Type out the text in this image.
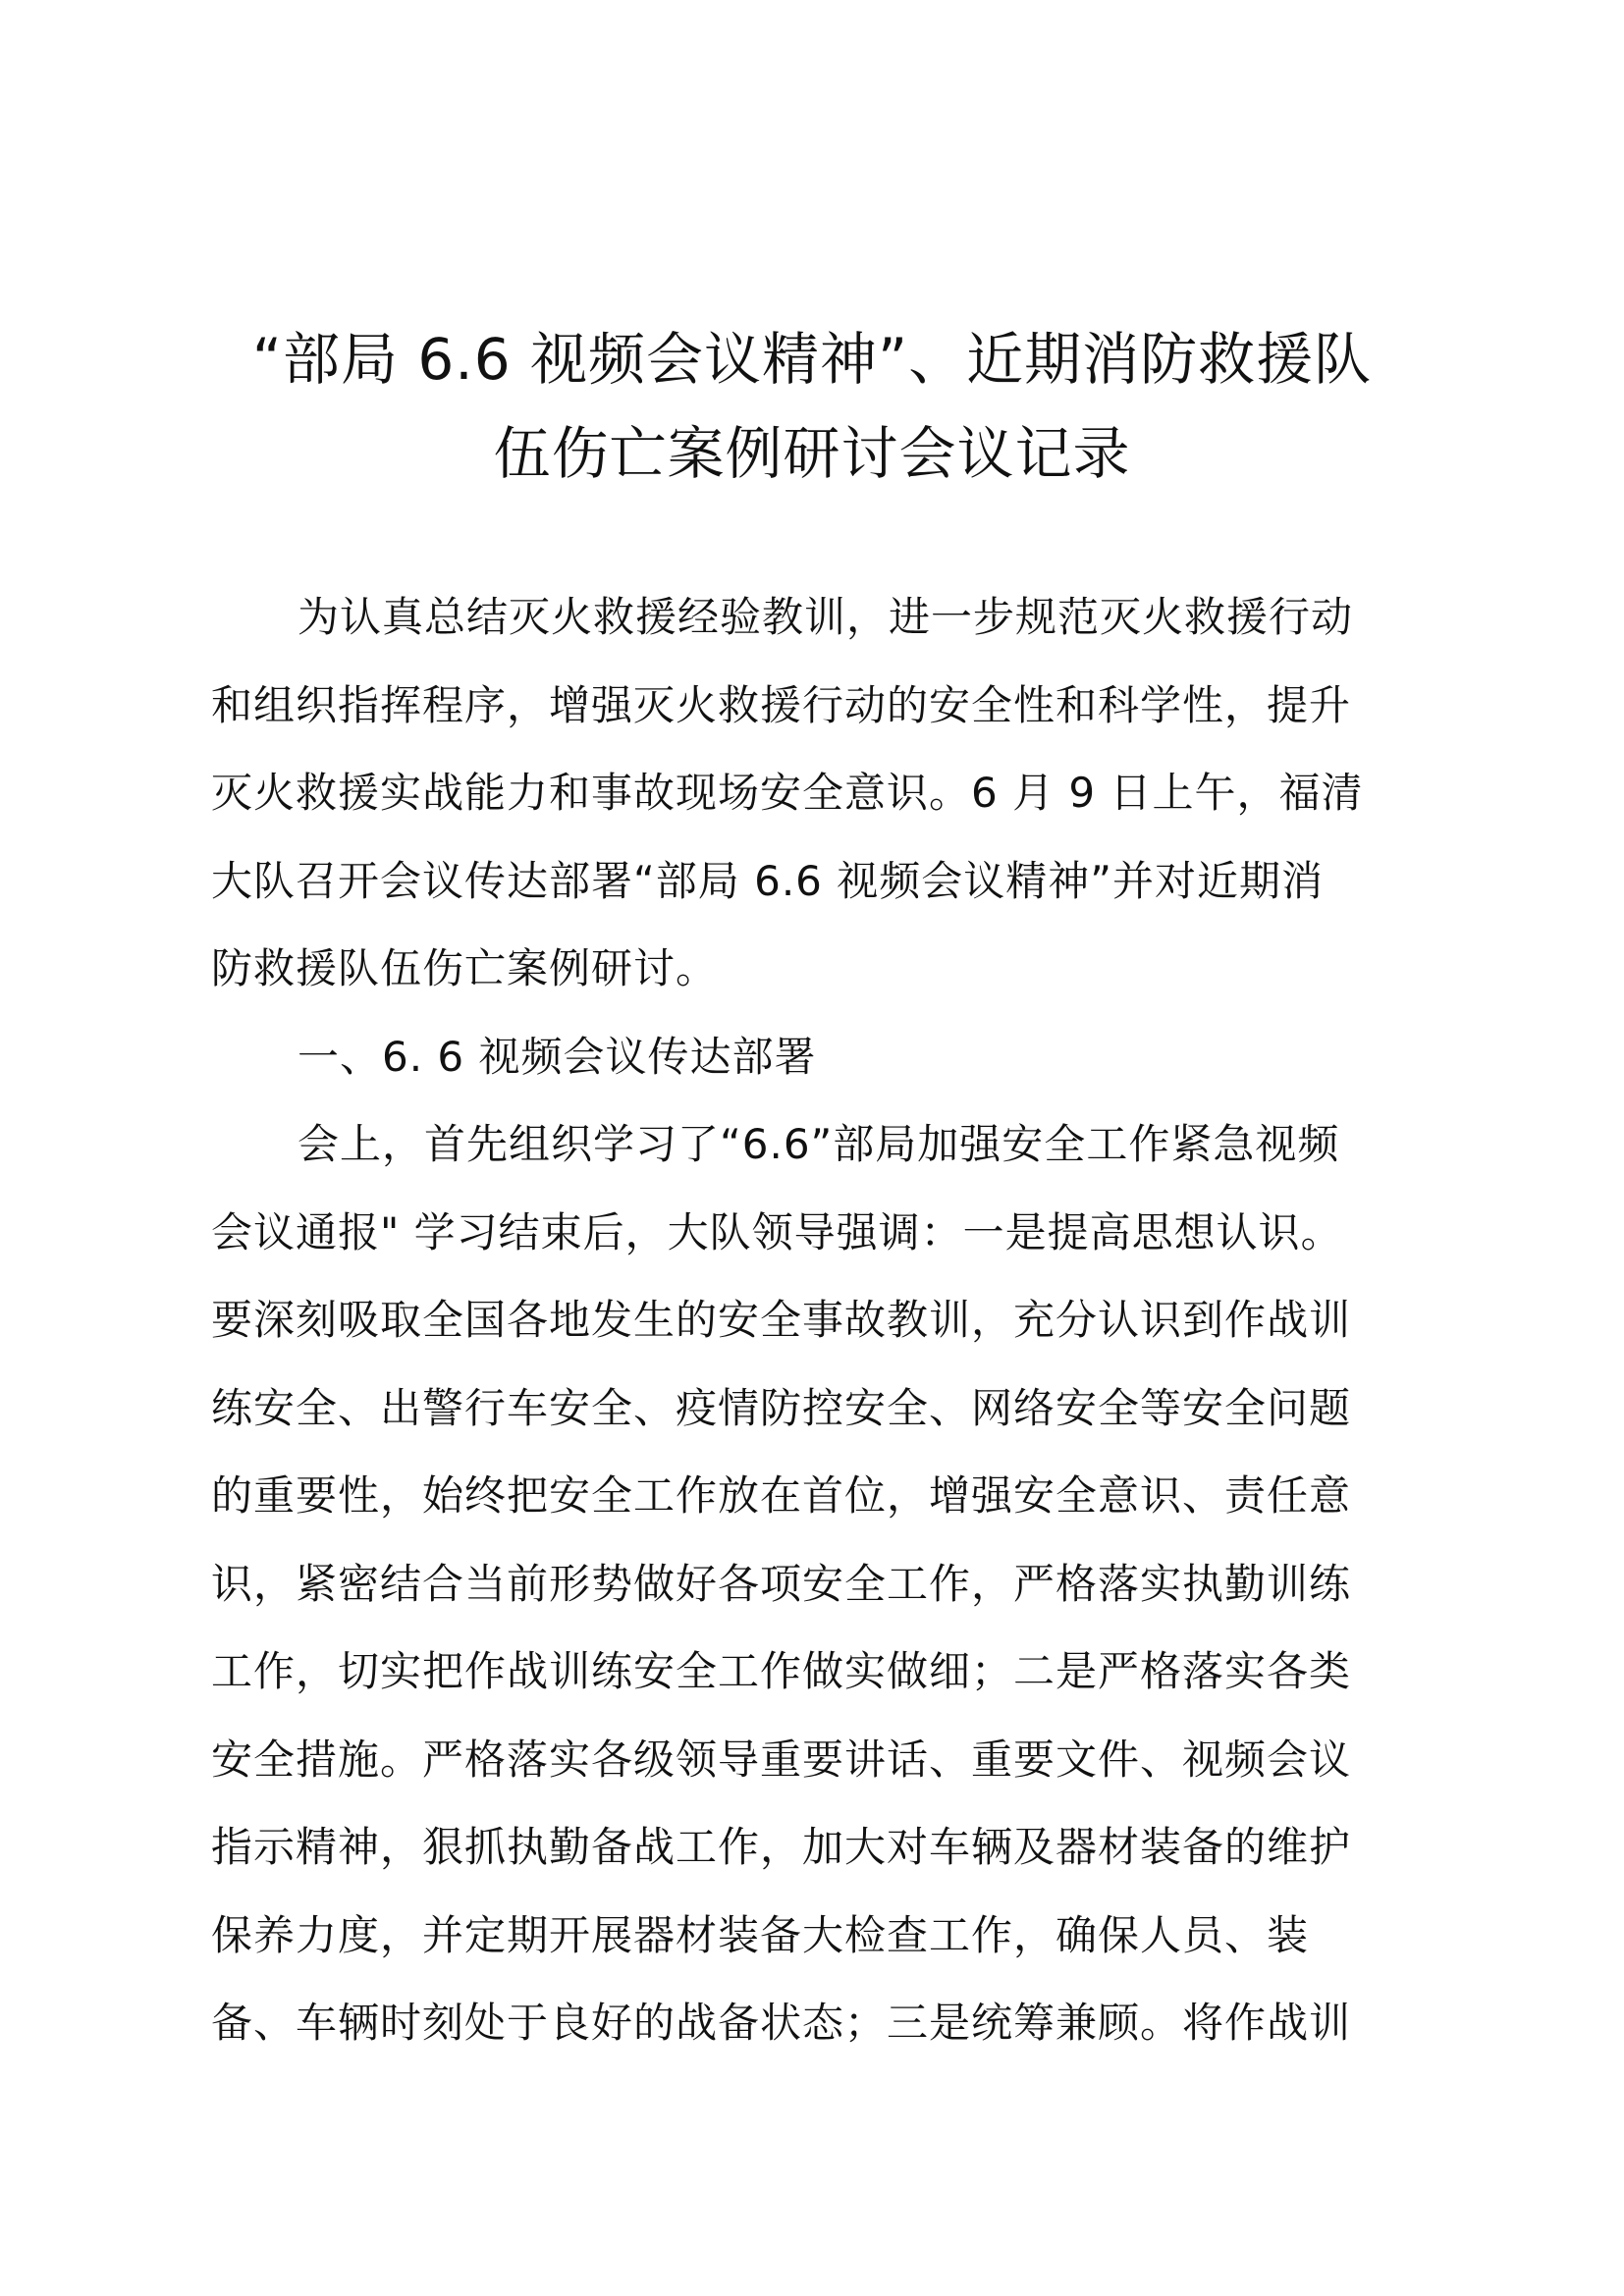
“部局 6.6 视频会议精神”、近期消防救援队
伍伤亡案例研讨会议记录
为认真总结灭火救援经验教训，进一步规范灭火救援行动
和组织指挥程序，增强灭火救援行动的安全性和科学性，提升
灭火救援实战能力和事故现场安全意识。6 月 9 日上午，福清
大队召开会议传达部署“部局 6.6 视频会议精神”并对近期消
防救援队伍伤亡案例研讨。
一、6. 6 视频会议传达部署
会上，首先组织学习了“6.6”部局加强安全工作紧急视频
会议通报" 学习结束后，大队领导强调：一是提高思想认识。
要深刻吸取全国各地发生的安全事故教训，充分认识到作战训
练安全、出警行车安全、疫情防控安全、网络安全等安全问题
的重要性，始终把安全工作放在首位，增强安全意识、责任意
识，紧密结合当前形势做好各项安全工作，严格落实执勤训练
工作，切实把作战训练安全工作做实做细；二是严格落实各类
安全措施。严格落实各级领导重要讲话、重要文件、视频会议
指示精神，狠抓执勤备战工作，加大对车辆及器材装备的维护
保养力度，并定期开展器材装备大检查工作，确保人员、装
备、车辆时刻处于良好的战备状态；三是统筹兼顾。将作战训
